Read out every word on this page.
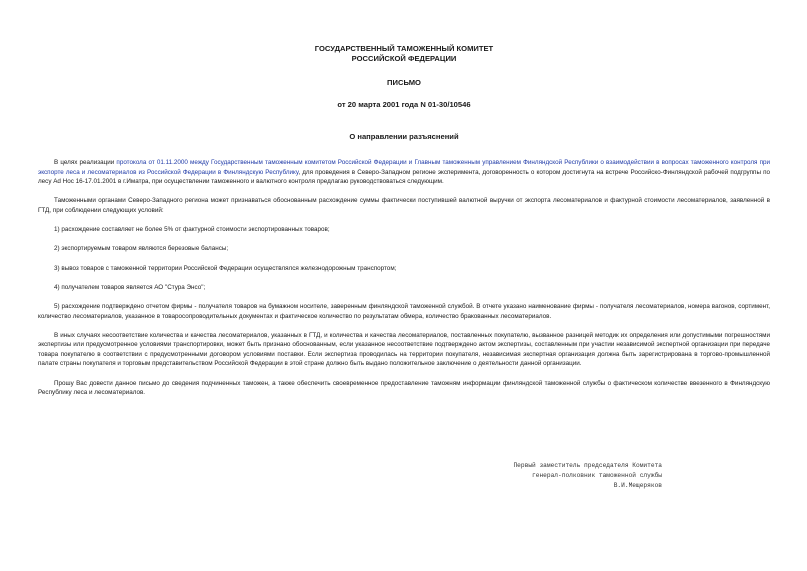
ГОСУДАРСТВЕННЫЙ ТАМОЖЕННЫЙ КОМИТЕТ
РОССИЙСКОЙ ФЕДЕРАЦИИ
ПИСЬМО
от 20 марта 2001 года N 01-30/10546
О направлении разъяснений

В целях реализации протокола от 01.11.2000 между Государственным таможенным комитетом Российской Федерации и Главным таможенным управлением Финляндской Республики о взаимодействии в вопросах таможенного контроля при экспорте леса и лесоматериалов из Российской Федерации в Финляндскую Республику, для проведения в Северо-Западном регионе эксперимента, договоренность о котором достигнута на встрече Российско-Финляндской рабочей подгруппы по лесу Ad Hoc 16-17.01.2001 в г.Иматра, при осуществлении таможенного и валютного контроля предлагаю руководствоваться следующим.

Таможенными органами Северо-Западного региона может признаваться обоснованным расхождение суммы фактически поступившей валютной выручки от экспорта лесоматериалов и фактурной стоимости лесоматериалов, заявленной в ГТД, при соблюдении следующих условий:

1) расхождение составляет не более 5% от фактурной стоимости экспортированных товаров;

2) экспортируемым товаром являются березовые балансы;

3) вывоз товаров с таможенной территории Российской Федерации осуществлялся железнодорожным транспортом;

4) получателем товаров является АО "Стура Энсо";

5) расхождение подтверждено отчетом фирмы - получателя товаров на бумажном носителе, заверенным финляндской таможенной службой. В отчете указано наименование фирмы - получателя лесоматериалов, номера вагонов, сортимент, количество лесоматериалов, указанное в товаросопроводительных документах и фактическое количество по результатам обмера, количество бракованных лесоматериалов.

В иных случаях несоответствие количества и качества лесоматериалов, указанных в ГТД, и количества и качества лесоматериалов, поставленных покупателю, вызванное разницей методик их определения или допустимыми погрешностями экспертизы или предусмотренное условиями транспортировки, может быть признано обоснованным, если указанное несоответствие подтверждено актом экспертизы, составленным при участии независимой экспертной организации при передаче товара покупателю в соответствии с предусмотренными договором условиями поставки. Если экспертиза проводилась на территории покупателя, независимая экспертная организация должна быть зарегистрирована в торгово-промышленной палате страны покупателя и торговым представительством Российской Федерации в этой стране должно быть выдано положительное заключение о деятельности данной организации.

Прошу Вас довести данное письмо до сведения подчиненных таможен, а также обеспечить своевременное предоставление таможням информации финляндской таможенной службы о фактическом количестве ввезенного в Финляндскую Республику леса и лесоматериалов.

Первый заместитель председателя Комитета
генерал-полковник таможенной службы
В.И.Мещеряков
